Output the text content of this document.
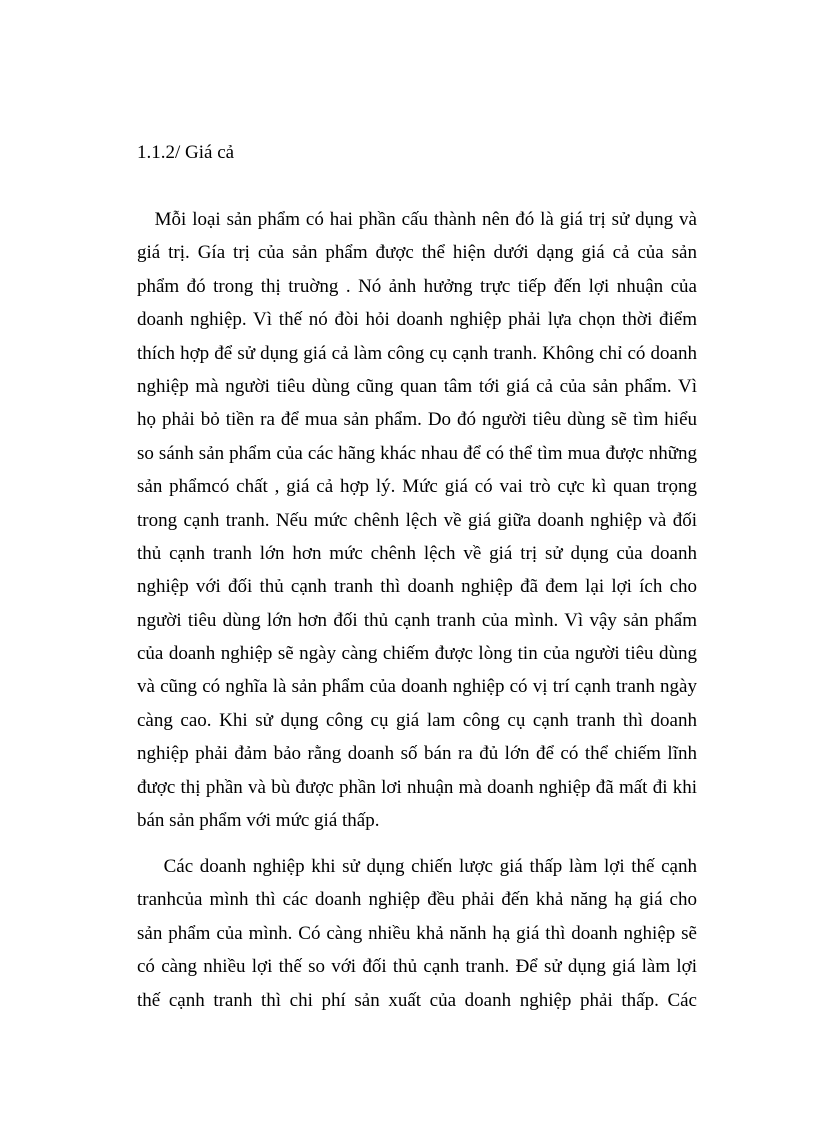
1.1.2/ Giá cả
Mỗi loại sản phẩm có hai phần cấu thành nên đó là giá trị sử dụng và
giá trị. Gía trị của sản phẩm được thể hiện dưới dạng giá cả của sản
phẩm đó trong thị truờng . Nó ảnh hưởng trực tiếp đến lợi nhuận của
doanh nghiệp. Vì thế nó đòi hỏi doanh nghiệp phải lựa chọn thời điểm
thích hợp để sử dụng giá cả làm công cụ cạnh tranh. Không chỉ có doanh
nghiệp mà người tiêu dùng cũng quan tâm tới giá cả của sản phẩm. Vì
họ phải bỏ tiền ra để mua sản phẩm. Do đó người tiêu dùng sẽ tìm hiểu
so sánh sản phẩm của các hãng khác nhau để có thể tìm mua được những
sản phẩmcó chất , giá cả hợp lý. Mức giá có vai trò cực kì quan trọng
trong cạnh tranh. Nếu mức chênh lệch về giá giữa doanh nghiệp và đối
thủ cạnh tranh lớn hơn mức chênh lệch về giá trị sử dụng của doanh
nghiệp với đối thủ cạnh tranh thì doanh nghiệp đã đem lại lợi ích cho
người tiêu dùng lớn hơn đối thủ cạnh tranh của mình. Vì vậy sản phẩm
của doanh nghiệp sẽ ngày càng chiếm được lòng tin của người tiêu dùng
và cũng có nghĩa là sản phẩm của doanh nghiệp có vị trí cạnh tranh ngày
càng cao. Khi sử dụng công cụ giá lam công cụ cạnh tranh thì doanh
nghiệp phải đảm bảo rằng doanh số bán ra đủ lớn để có thể chiếm lĩnh
được thị phần và bù được phần lơi nhuận mà doanh nghiệp đã mất đi khi
bán sản phẩm với mức giá thấp.
Các doanh nghiệp khi sử dụng chiến lược giá thấp làm lợi thế cạnh
tranhcủa mình thì các doanh nghiệp đều phải đến khả năng hạ giá cho
sản phẩm của mình. Có càng nhiều khả nănh hạ giá thì doanh nghiệp sẽ
có càng nhiều lợi thế so với đối thủ cạnh tranh. Để sử dụng giá làm lợi
thế cạnh tranh thì chi phí sản xuất của doanh nghiệp phải thấp. Các
